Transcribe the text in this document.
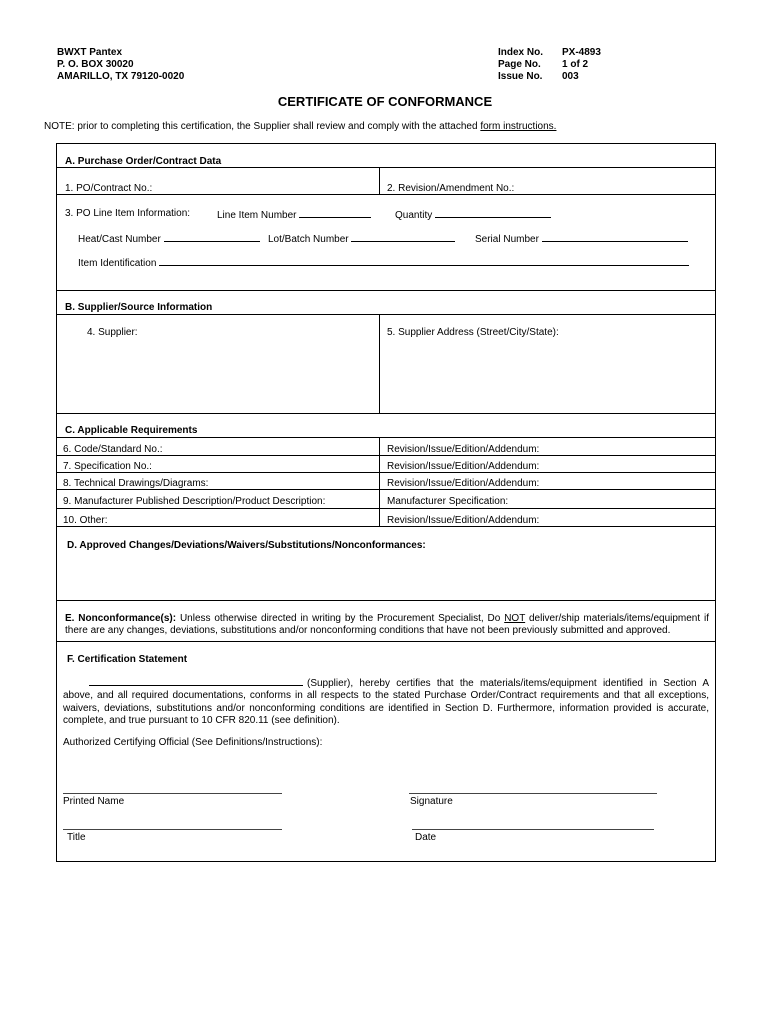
BWXT Pantex
P. O. BOX 30020
AMARILLO, TX 79120-0020
Index No. PX-4893
Page No. 1 of 2
Issue No. 003
CERTIFICATE OF CONFORMANCE
NOTE: prior to completing this certification, the Supplier shall review and comply with the attached form instructions.
A. Purchase Order/Contract Data
1. PO/Contract No.:	2. Revision/Amendment No.:
3. PO Line Item Information:	Line Item Number	Quantity
Heat/Cast Number	Lot/Batch Number	Serial Number
Item Identification
B. Supplier/Source Information
4. Supplier:	5. Supplier Address (Street/City/State):
C. Applicable Requirements
6. Code/Standard No.:	Revision/Issue/Edition/Addendum:
7. Specification No.:	Revision/Issue/Edition/Addendum:
8. Technical Drawings/Diagrams:	Revision/Issue/Edition/Addendum:
9. Manufacturer Published Description/Product Description:	Manufacturer Specification:
10. Other:	Revision/Issue/Edition/Addendum:
D. Approved Changes/Deviations/Waivers/Substitutions/Nonconformances:
E. Nonconformance(s): Unless otherwise directed in writing by the Procurement Specialist, Do NOT deliver/ship materials/items/equipment if there are any changes, deviations, substitutions and/or nonconforming conditions that have not been previously submitted and approved.
F. Certification Statement
(Supplier), hereby certifies that the materials/items/equipment identified in Section A above, and all required documentations, conforms in all respects to the stated Purchase Order/Contract requirements and that all exceptions, waivers, deviations, substitutions and/or nonconforming conditions are identified in Section D. Furthermore, information provided is accurate, complete, and true pursuant to 10 CFR 820.11 (see definition).
Authorized Certifying Official (See Definitions/Instructions):
Printed Name	Signature
Title	Date
